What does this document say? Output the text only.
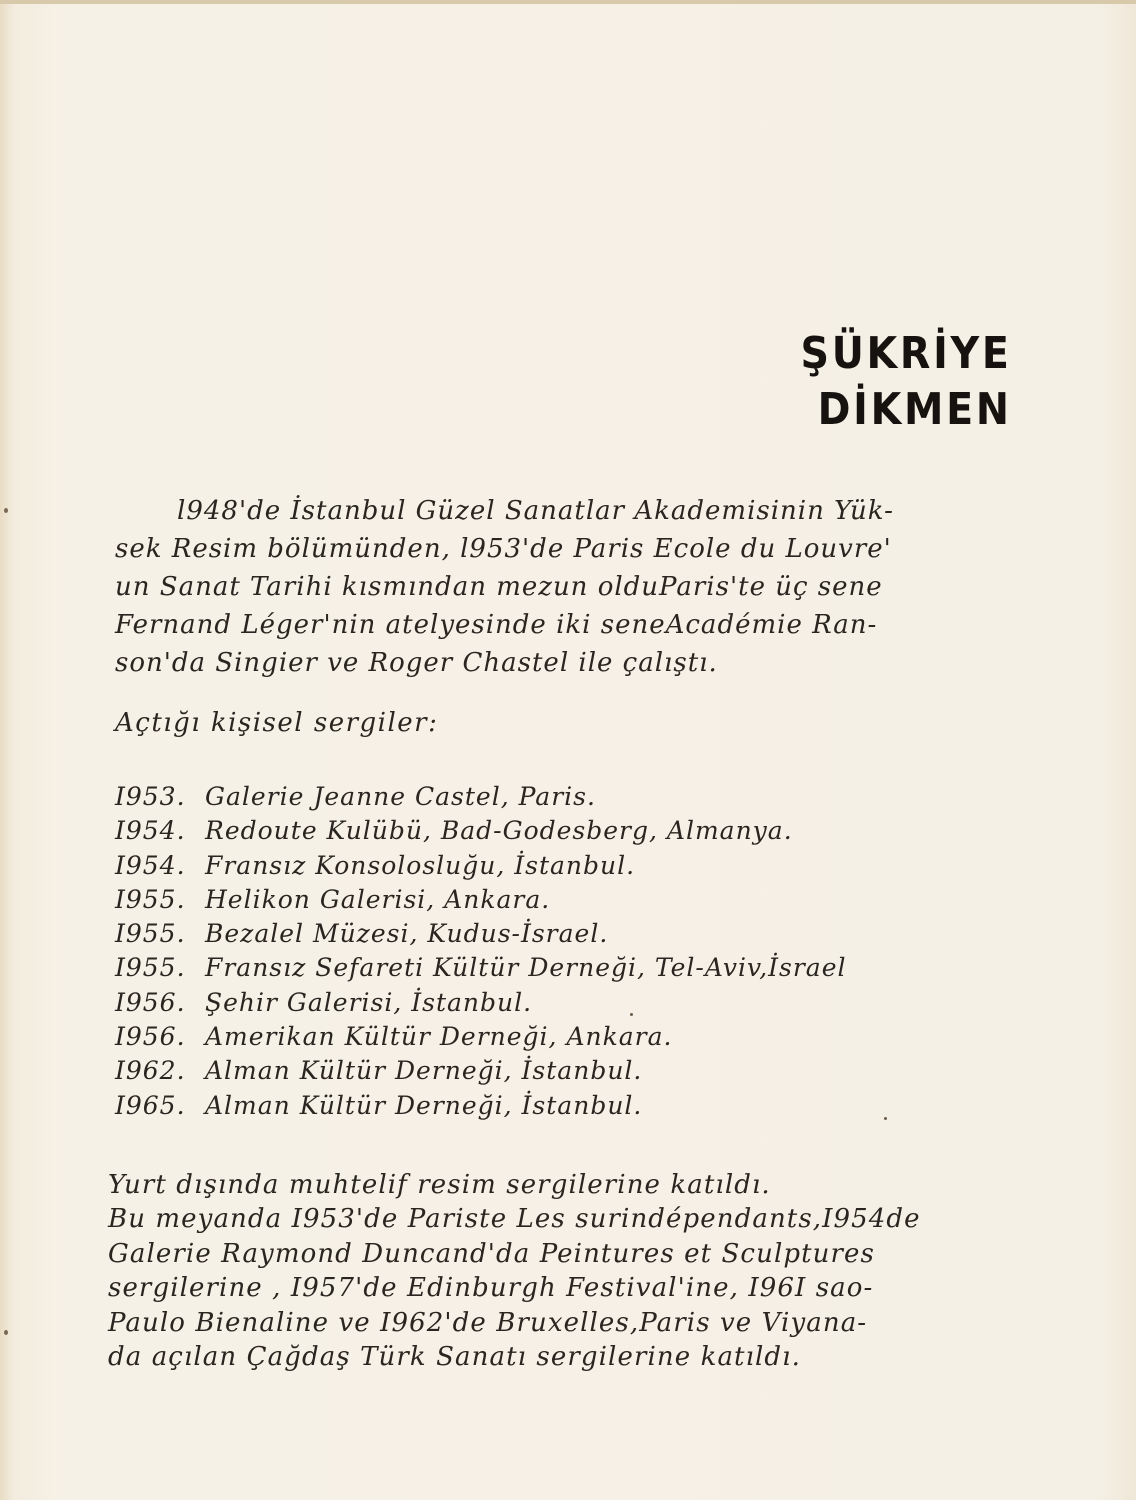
ŞÜKRİYE
DİKMEN

l948'de İstanbul Güzel Sanatlar Akademisinin Yük-

sek Resim bölümünden, l953'de Paris Ecole du Louvre'

un Sanat Tarihi kısmından mezun olduParis'te üç sene

Fernand Léger'nin atelyesinde iki seneAcadémie Ran-

son'da Singier ve Roger Chastel ile çalıştı.

Açtığı kişisel sergiler:

I953. Galerie Jeanne Castel, Paris.
I954. Redoute Kulübü, Bad-Godesberg, Almanya.
I954. Fransız Konsolosluğu, İstanbul.
I955. Helikon Galerisi, Ankara.
I955. Bezalel Müzesi, Kudus-İsrael.
I955. Fransız Sefareti Kültür Derneği, Tel-Aviv,İsrael
I956. Şehir Galerisi, İstanbul.
I956. Amerikan Kültür Derneği, Ankara.
I962. Alman Kültür Derneği, İstanbul.
I965. Alman Kültür Derneği, İstanbul.

Yurt dışında muhtelif resim sergilerine katıldı.

Bu meyanda I953'de Pariste Les surindépendants,I954de

Galerie Raymond Duncand'da Peintures et Sculptures

sergilerine , I957'de Edinburgh Festival'ine, I96I sao-

Paulo Bienaline ve I962'de Bruxelles,Paris ve Viyana-

da açılan Çağdaş Türk Sanatı sergilerine katıldı.
